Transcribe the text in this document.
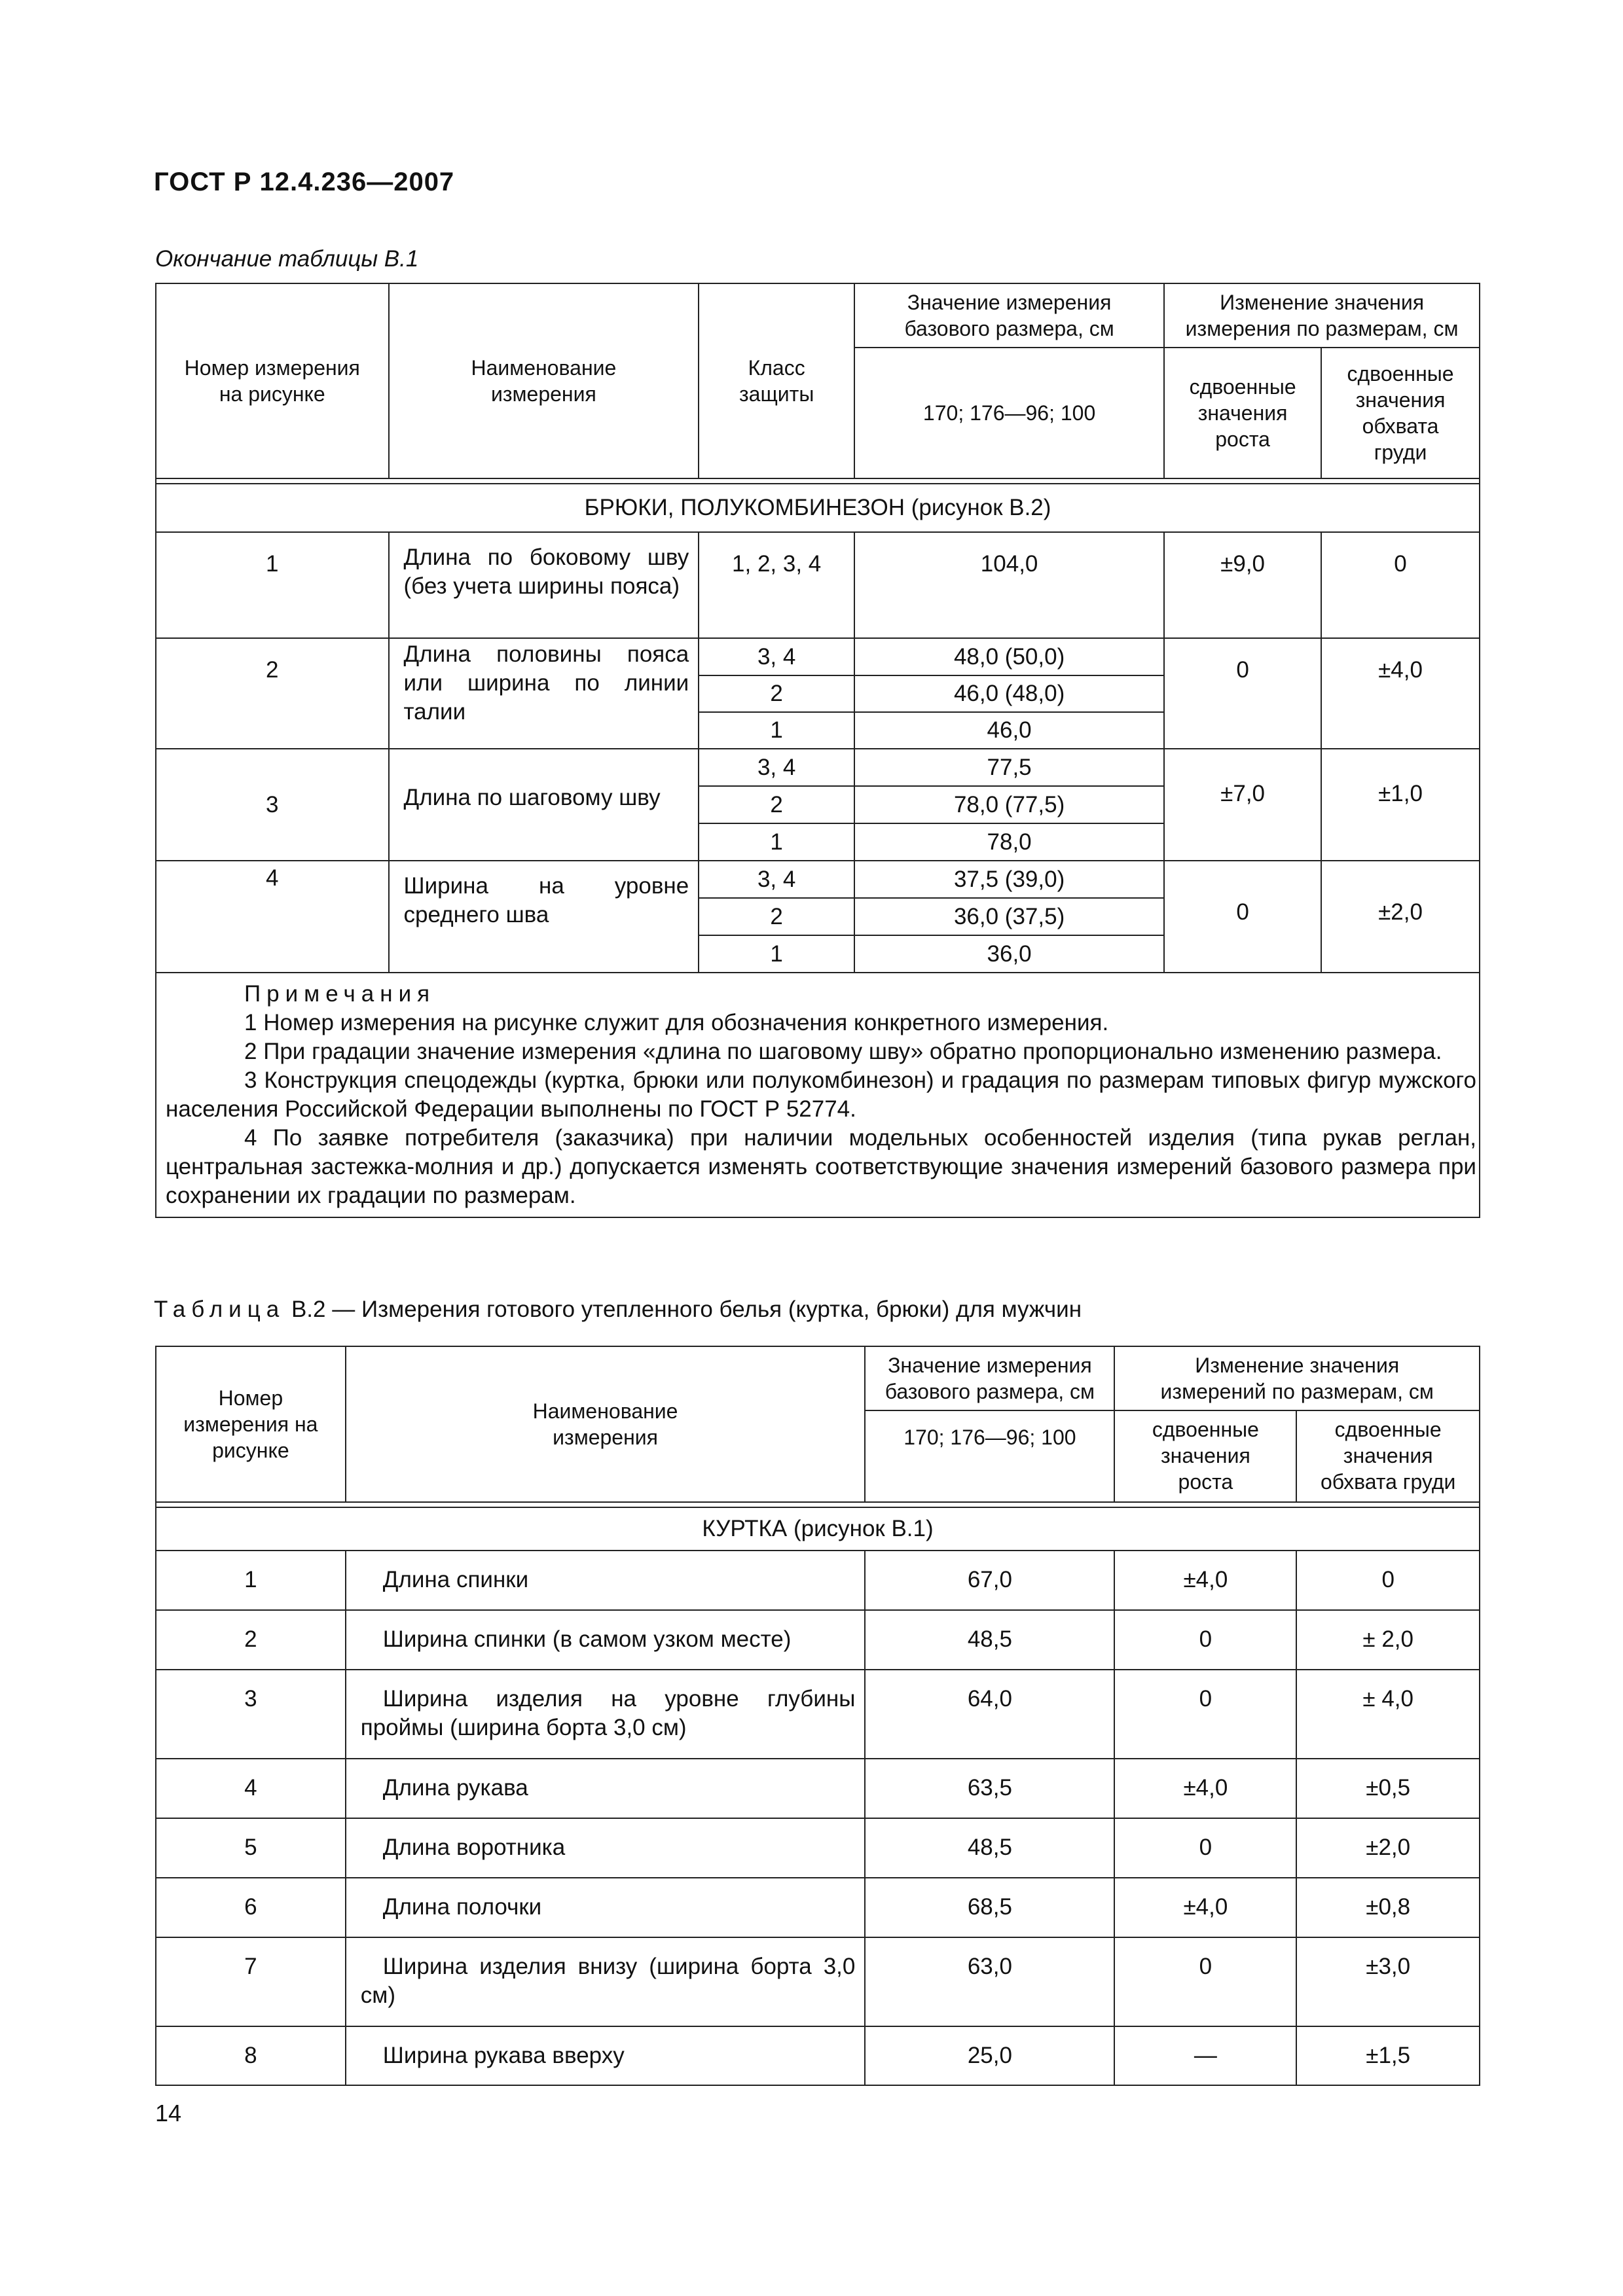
ГОСТ Р 12.4.236—2007
Окончание таблицы В.1
Номер измерения на рисунке	Наименование измерения	Класс защиты	Значение измерения базового размера, см	Изменение значения измерения по размерам, см	
			170; 176—96; 100	сдвоенные значения роста	сдвоенные значения обхвата груди

БРЮКИ, ПОЛУКОМБИНЕЗОН (рисунок В.2)					
1	Длина по боковому шву (без учета ширины пояса)	1, 2, 3, 4	104,0	±9,0	0
2	Длина половины пояса или ширина по линии талии	3, 4	48,0 (50,0)	0	±4,0
		2	46,0 (48,0)		
		1	46,0		
3	Длина по шаговому шву	3, 4	77,5	±7,0	±1,0
		2	78,0 (77,5)		
		1	78,0		
4	Ширина на уровне среднего шва	3, 4	37,5 (39,0)	0	±2,0
		2	36,0 (37,5)		
		1	36,0		

Примечания

1 Номер измерения на рисунке служит для обозначения конкретного измерения.

2 При градации значение измерения «длина по шаговому шву» обратно пропорционально изменению размера.

3 Конструкция спецодежды (куртка, брюки или полукомбинезон) и градация по размерам типовых фигур мужского населения Российской Федерации выполнены по ГОСТ Р 52774.

4 По заявке потребителя (заказчика) при наличии модельных особенностей изделия (типа рукав реглан, центральная застежка-молния и др.) допускается изменять соответствующие значения измерений базового размера при сохранении их градации по размерам.					

Таблица В.2 — Измерения готового утепленного белья (куртка, брюки) для мужчин
Номер измерения на рисунке	Наименование измерения	Значение измерения базового размера, см	Изменение значения измерений по размерам, см	
		170; 176—96; 100	сдвоенные значения роста	сдвоенные значения обхвата груди

КУРТКА (рисунок В.1)				
1	Длина спинки	67,0	±4,0	0
2	Ширина спинки (в самом узком месте)	48,5	0	± 2,0
3	Ширина изделия на уровне глубины проймы (ширина борта 3,0 см)	64,0	0	± 4,0
4	Длина рукава	63,5	±4,0	±0,5
5	Длина воротника	48,5	0	±2,0
6	Длина полочки	68,5	±4,0	±0,8
7	Ширина изделия внизу (ширина борта 3,0 см)	63,0	0	±3,0
8	Ширина рукава вверху	25,0	—	±1,5
14
